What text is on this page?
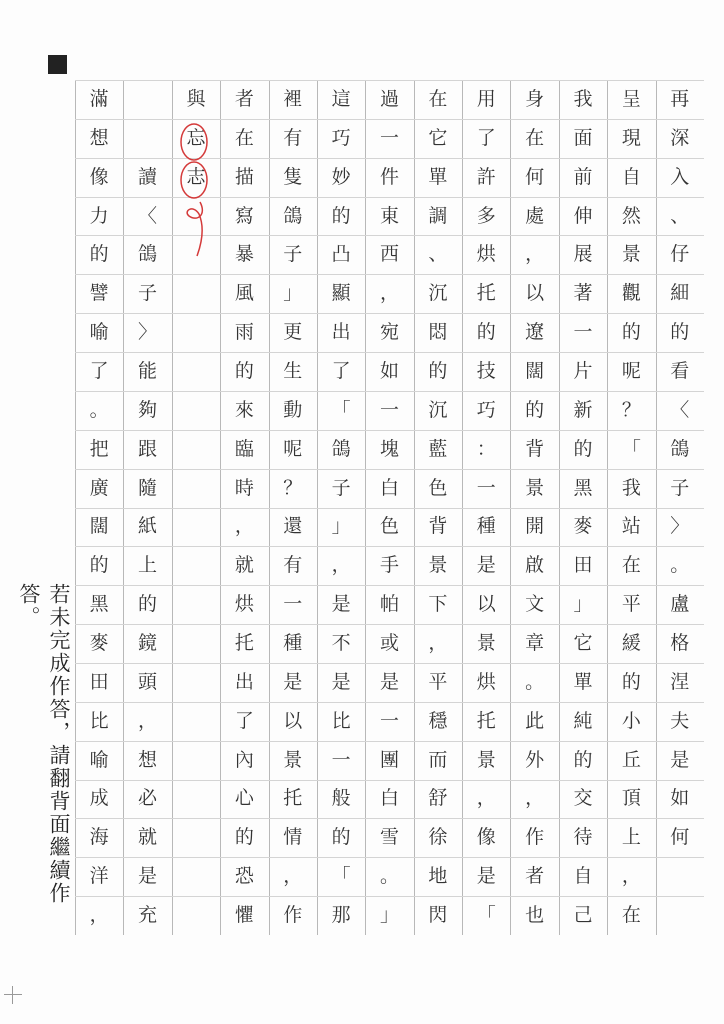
再
深
入
、
仔
細
的
看
〈
鴿
子
〉
。
盧
格
涅
夫
是
如
何
呈
現
自
然
景
觀
的
呢
？
「
我
站
在
平
緩
的
小
丘
頂
上
，
在
我
面
前
伸
展
著
一
片
新
的
黑
麥
田
」
它
單
純
的
交
待
自
己
身
在
何
處
，
以
遼
闊
的
背
景
開
啟
文
章
。
此
外
，
作
者
也
用
了
許
多
烘
托
的
技
巧
：
一
種
是
以
景
烘
托
景
，
像
是
「
在
它
單
調
、
沉
悶
的
沉
藍
色
背
景
下
，
平
穩
而
舒
徐
地
閃
過
一
件
東
西
，
宛
如
一
塊
白
色
手
帕
或
是
一
團
白
雪
。
」
這
巧
妙
的
凸
顯
出
了
「
鴿
子
」
，
是
不
是
比
一
般
的
「
那
裡
有
隻
鴿
子
」
更
生
動
呢
？
還
有
一
種
是
以
景
托
情
，
作
者
在
描
寫
暴
風
雨
的
來
臨
時
，
就
烘
托
出
了
內
心
的
恐
懼
與
忘
志
讀
〈
鴿
子
〉
能
夠
跟
隨
紙
上
的
鏡
頭
，
想
必
就
是
充
滿
想
像
力
的
譬
喻
了
。
把
廣
闊
的
黑
麥
田
比
喻
成
海
洋
，
若未完成作答，請翻背面繼續作答。
